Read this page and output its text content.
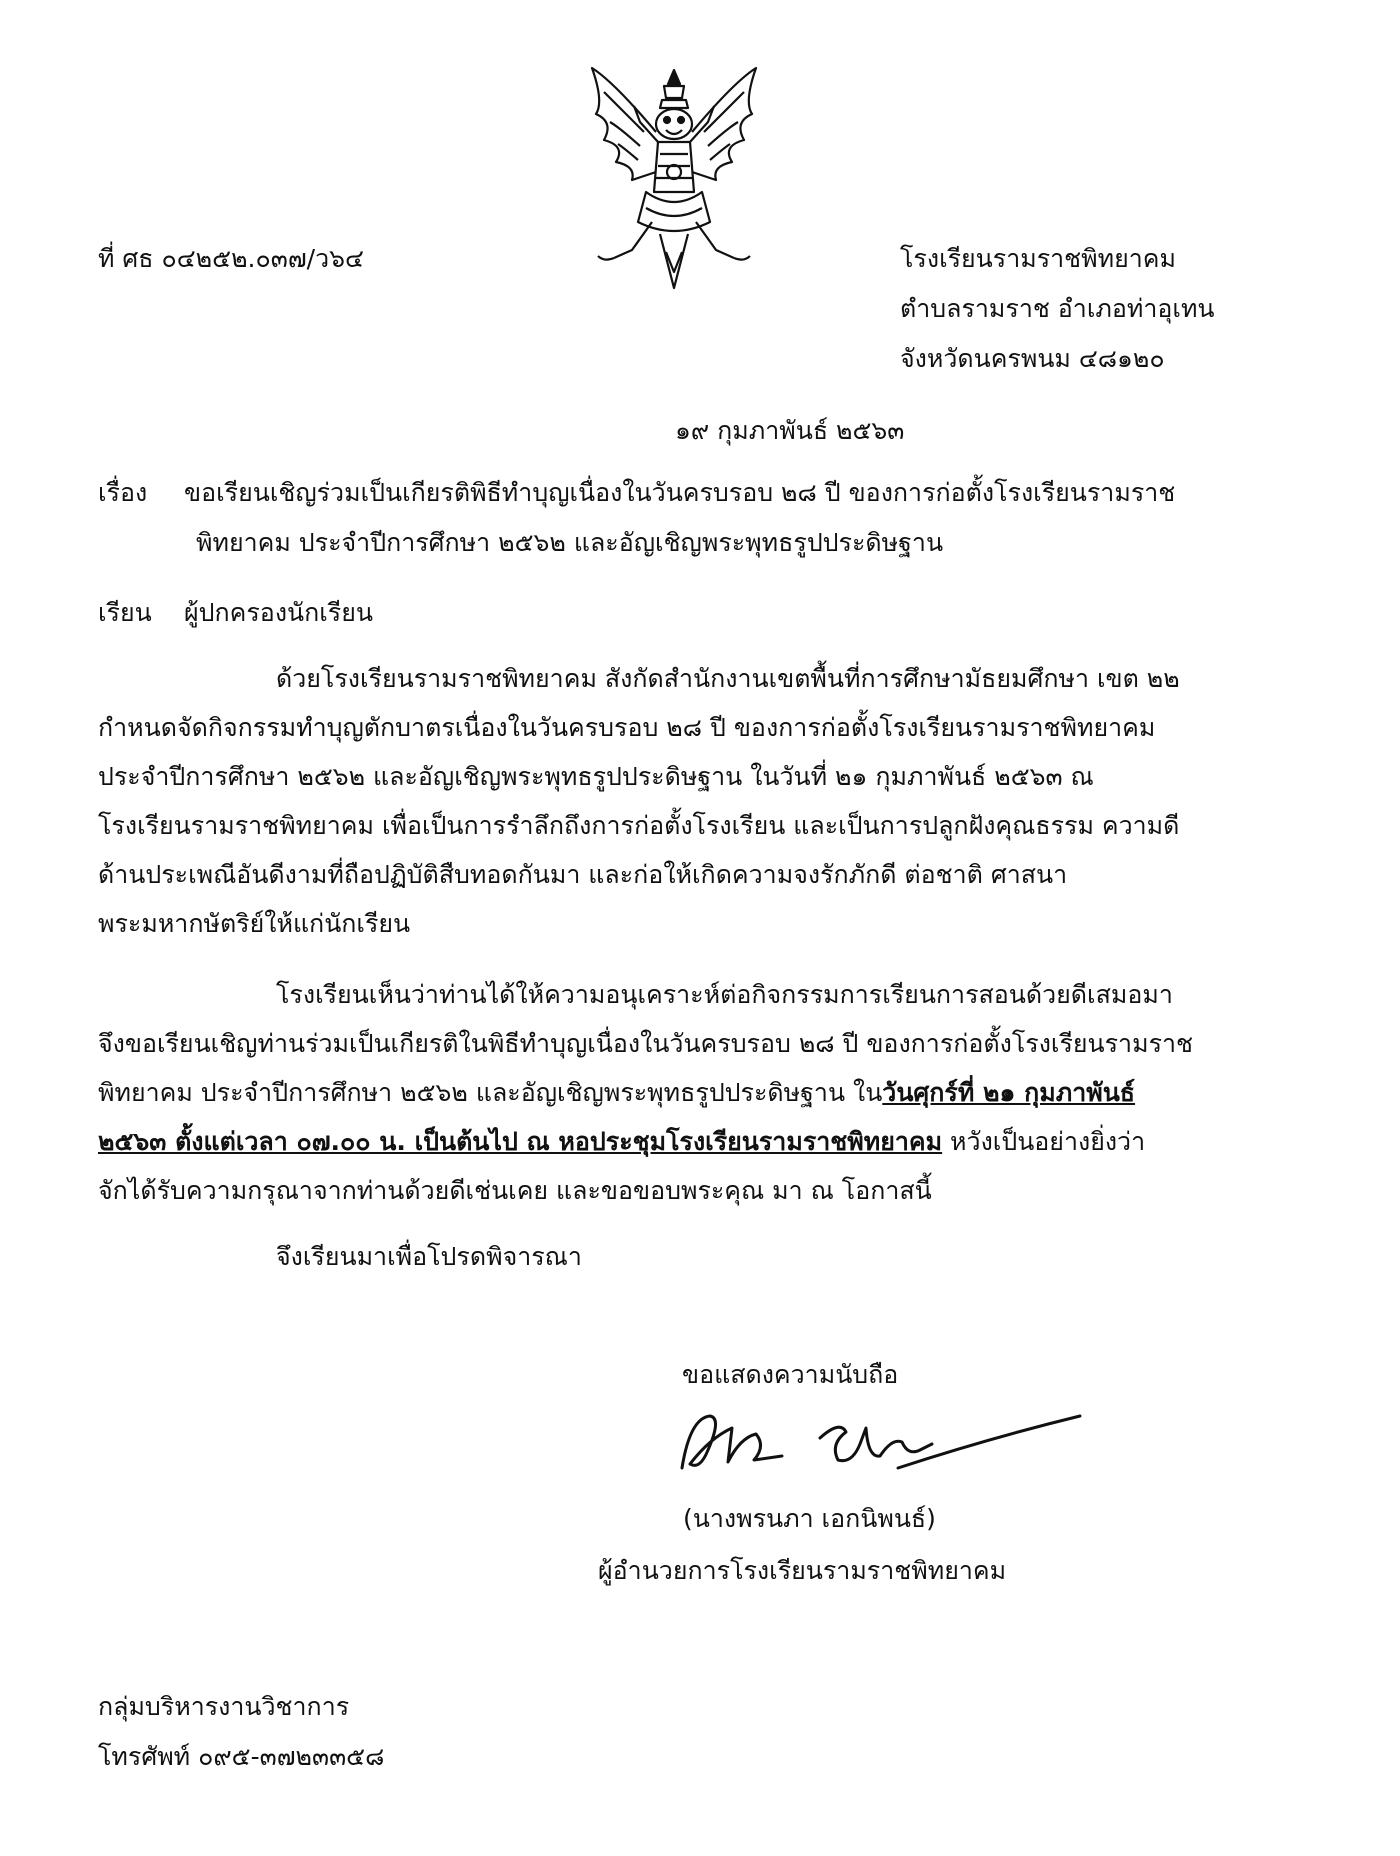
ที่ ศธ ๐๔๒๕๒.๐๓๗/ว๖๔	โรงเรียนรามราชพิทยาคม
ตำบลรามราช อำเภอท่าอุเทน
จังหวัดนครพนม ๔๘๑๒๐
๑๙ กุมภาพันธ์ ๒๕๖๓
เรื่อง ขอเรียนเชิญร่วมเป็นเกียรติพิธีทำบุญเนื่องในวันครบรอบ ๒๘ ปี ของการก่อตั้งโรงเรียนรามราช
พิทยาคม ประจำปีการศึกษา ๒๕๖๒ และอัญเชิญพระพุทธรูปประดิษฐาน
เรียน ผู้ปกครองนักเรียน
ด้วยโรงเรียนรามราชพิทยาคม สังกัดสำนักงานเขตพื้นที่การศึกษามัธยมศึกษา เขต ๒๒
กำหนดจัดกิจกรรมทำบุญตักบาตรเนื่องในวันครบรอบ ๒๘ ปี ของการก่อตั้งโรงเรียนรามราชพิทยาคม
ประจำปีการศึกษา ๒๕๖๒ และอัญเชิญพระพุทธรูปประดิษฐาน ในวันที่ ๒๑ กุมภาพันธ์ ๒๕๖๓ ณ
โรงเรียนรามราชพิทยาคม เพื่อเป็นการรำลึกถึงการก่อตั้งโรงเรียน และเป็นการปลูกฝังคุณธรรม ความดี
ด้านประเพณีอันดีงามที่ถือปฏิบัติสืบทอดกันมา และก่อให้เกิดความจงรักภักดี ต่อชาติ ศาสนา
พระมหากษัตริย์ให้แก่นักเรียน
โรงเรียนเห็นว่าท่านได้ให้ความอนุเคราะห์ต่อกิจกรรมการเรียนการสอนด้วยดีเสมอมา
จึงขอเรียนเชิญท่านร่วมเป็นเกียรติในพิธีทำบุญเนื่องในวันครบรอบ ๒๘ ปี ของการก่อตั้งโรงเรียนรามราช
พิทยาคม ประจำปีการศึกษา ๒๕๖๒ และอัญเชิญพระพุทธรูปประดิษฐาน ในวันศุกร์ที่ ๒๑ กุมภาพันธ์
๒๕๖๓ ตั้งแต่เวลา ๐๗.๐๐ น. เป็นต้นไป ณ หอประชุมโรงเรียนรามราชพิทยาคม หวังเป็นอย่างยิ่งว่า
จักได้รับความกรุณาจากท่านด้วยดีเช่นเคย และขอขอบพระคุณ มา ณ โอกาสนี้
จึงเรียนมาเพื่อโปรดพิจารณา
ขอแสดงความนับถือ
(นางพรนภา เอกนิพนธ์)
ผู้อำนวยการโรงเรียนรามราชพิทยาคม
กลุ่มบริหารงานวิชาการ
โทรศัพท์ ๐๙๕-๓๗๒๓๓๕๘
